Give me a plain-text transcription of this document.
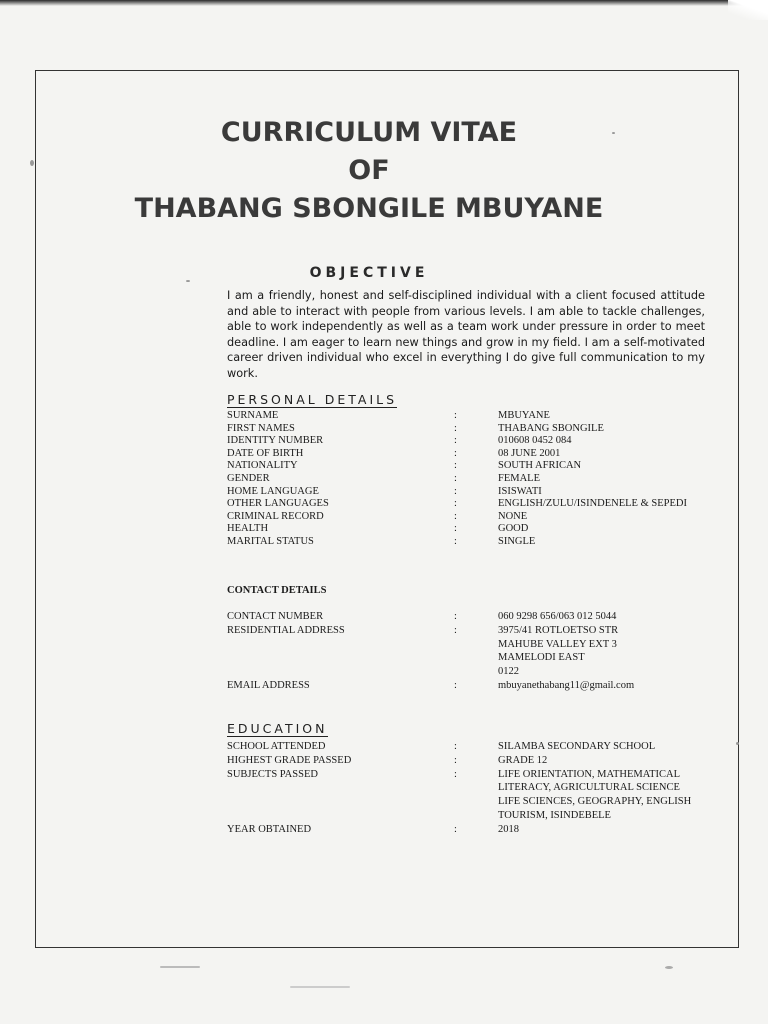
CURRICULUM VITAE
OF
THABANG SBONGILE MBUYANE
OBJECTIVE
I am a friendly, honest and self-disciplined individual with a client focused attitude and able to interact with people from various levels. I am able to tackle challenges, able to work independently as well as a team work under pressure in order to meet deadline. I am eager to learn new things and grow in my field. I am a self-motivated career driven individual who excel in everything I do give full communication to my work.
PERSONAL DETAILS
SURNAME	:	MBUYANE
FIRST NAMES	:	THABANG SBONGILE
IDENTITY NUMBER	:	010608 0452 084
DATE OF BIRTH	:	08 JUNE 2001
NATIONALITY	:	SOUTH AFRICAN
GENDER	:	FEMALE
HOME LANGUAGE	:	ISISWATI
OTHER LANGUAGES	:	ENGLISH/ZULU/ISINDENELE & SEPEDI
CRIMINAL RECORD	:	NONE
HEALTH	:	GOOD
MARITAL STATUS	:	SINGLE
CONTACT DETAILS
CONTACT NUMBER	:	060 9298 656/063 012 5044
RESIDENTIAL ADDRESS	:	3975/41 ROTLOETSO STR
MAHUBE VALLEY EXT 3
MAMELODI EAST
0122
EMAIL ADDRESS	:	mbuyanethabang11@gmail.com
EDUCATION
SCHOOL ATTENDED	:	SILAMBA SECONDARY SCHOOL
HIGHEST GRADE PASSED	:	GRADE 12
SUBJECTS PASSED	:	LIFE ORIENTATION, MATHEMATICAL
LITERACY, AGRICULTURAL SCIENCE
LIFE SCIENCES, GEOGRAPHY, ENGLISH
TOURISM, ISINDEBELE
YEAR OBTAINED	:	2018
